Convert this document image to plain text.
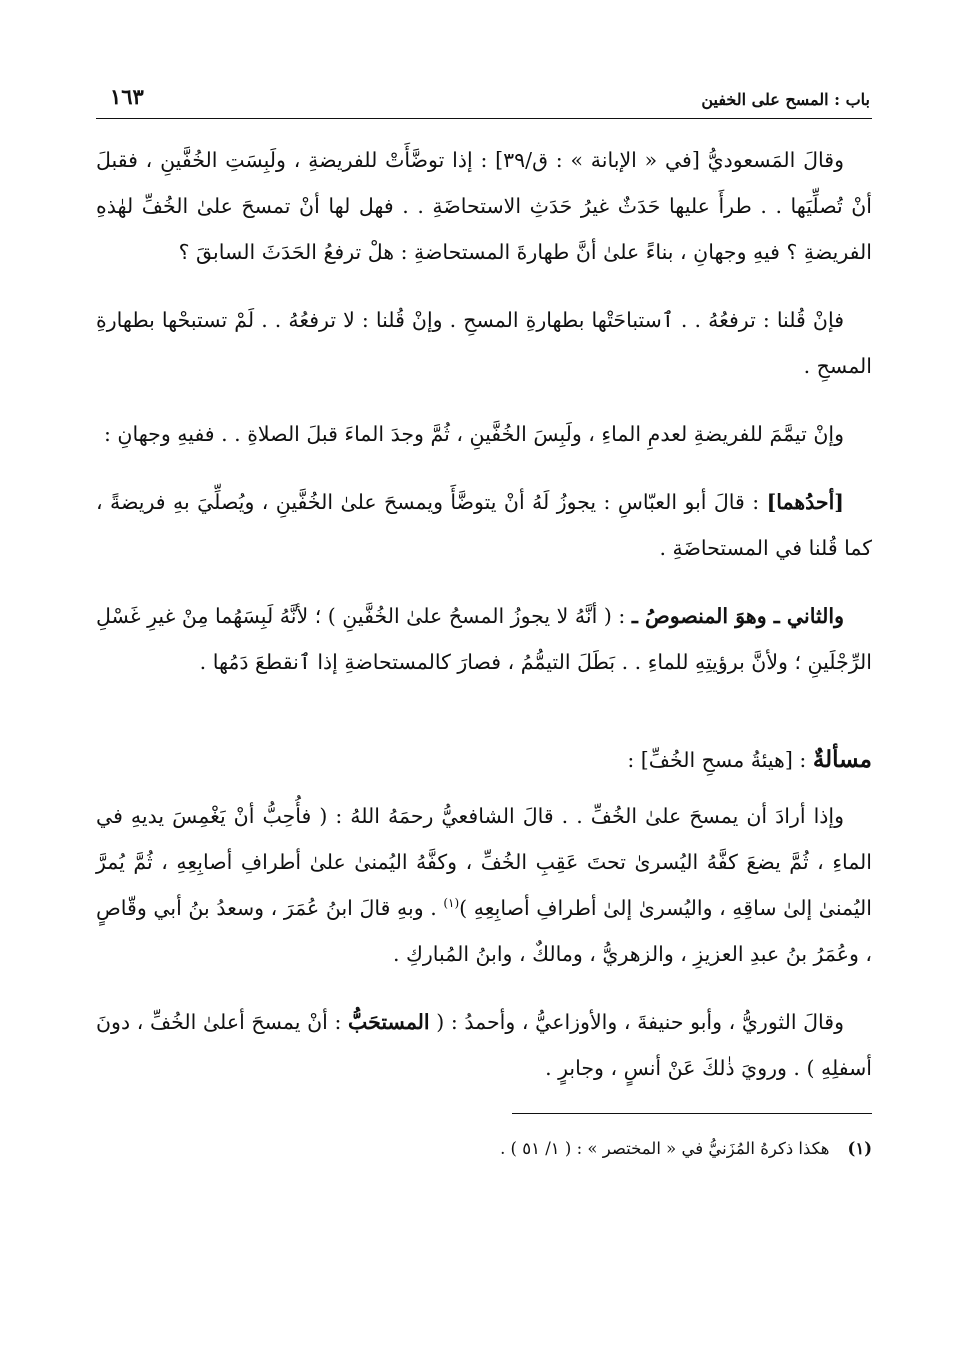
باب : المسح على الخفين
١٦٣

وقالَ المَسعوديُّ [في « الإبانة » : ق/٣٩] : إذا توضَّأَتْ للفريضةِ ، ولَبِسَتِ الخُفَّينِ ، فقبلَ أنْ تُصلِّيَها . . طرأَ عليها حَدَثٌ غيرُ حَدَثِ الاستحاضَةِ . . فهل لها أنْ تمسحَ علىٰ الخُفِّ لهٰذهِ الفريضةِ ؟ فيهِ وجهانِ ، بناءً علىٰ أنَّ طهارةَ المستحاضةِ : هلْ ترفعُ الحَدَثَ السابقَ ؟

فإنْ قُلنا : ترفعُهُ . . ٱستباحَتْها بطهارةِ المسحِ . وإنْ قُلنا : لا ترفعُهُ . . لَمْ تستبحْها بطهارةِ المسحِ .

وإنْ تيمَّمَ للفريضةِ لعدمِ الماءِ ، ولَبِسَ الخُفَّينِ ، ثُمَّ وجدَ الماءَ قبلَ الصلاةِ . . ففيهِ وجهانِ :

[أحدُهما] : قالَ أبو العبّاسِ : يجوزُ لَهُ أنْ يتوضَّأَ ويمسحَ علىٰ الخُفَّينِ ، ويُصلِّيَ بهِ فريضةً ، كما قُلنا في المستحاضَةِ .

والثاني ـ وهوَ المنصوصُ ـ : ( أنَّهُ لا يجوزُ المسحُ علىٰ الخُفَّينِ ) ؛ لأنَّهُ لَبِسَهُما مِنْ غيرِ غَسْلِ الرِّجْلَينِ ؛ ولأنَّ برؤيتِهِ للماءِ . . بَطَلَ التيمُّمُ ، فصارَ كالمستحاضةِ إذا ٱنقطعَ دَمُها .

مسألةٌ : [هيئةُ مسحِ الخُفِّ] :

وإذا أرادَ أن يمسحَ علىٰ الخُفِّ . . قالَ الشافعيُّ رحمَهُ اللهُ : ( فأُحِبُّ أنْ يَغْمِسَ يديهِ في الماءِ ، ثُمَّ يضعَ كفَّهُ اليُسرىٰ تحتَ عَقِبِ الخُفِّ ، وكفَّهُ اليُمنىٰ علىٰ أطرافِ أصابِعِهِ ، ثُمَّ يُمرَّ اليُمنىٰ إلىٰ ساقِهِ ، واليُسرىٰ إلىٰ أطرافِ أصابِعِهِ )$^{(١)}$ . وبهِ قالَ ابنُ عُمَرَ ، وسعدُ بنُ أبي وقّاصٍ ، وعُمَرُ بنُ عبدِ العزيزِ ، والزهريُّ ، ومالكٌ ، وابنُ المُباركِ .

وقالَ الثوريُّ ، وأبو حنيفةَ ، والأوزاعيُّ ، وأحمدُ : ( المستحَبُّ : أنْ يمسحَ أعلىٰ الخُفِّ ، دونَ أسفلِهِ ) . ورويَ ذٰلكَ عَنْ أنسٍ ، وجابرٍ .

(١)هكذا ذكرهُ المُزَنيُّ في « المختصر » : ( ١/ ٥١ ) .
